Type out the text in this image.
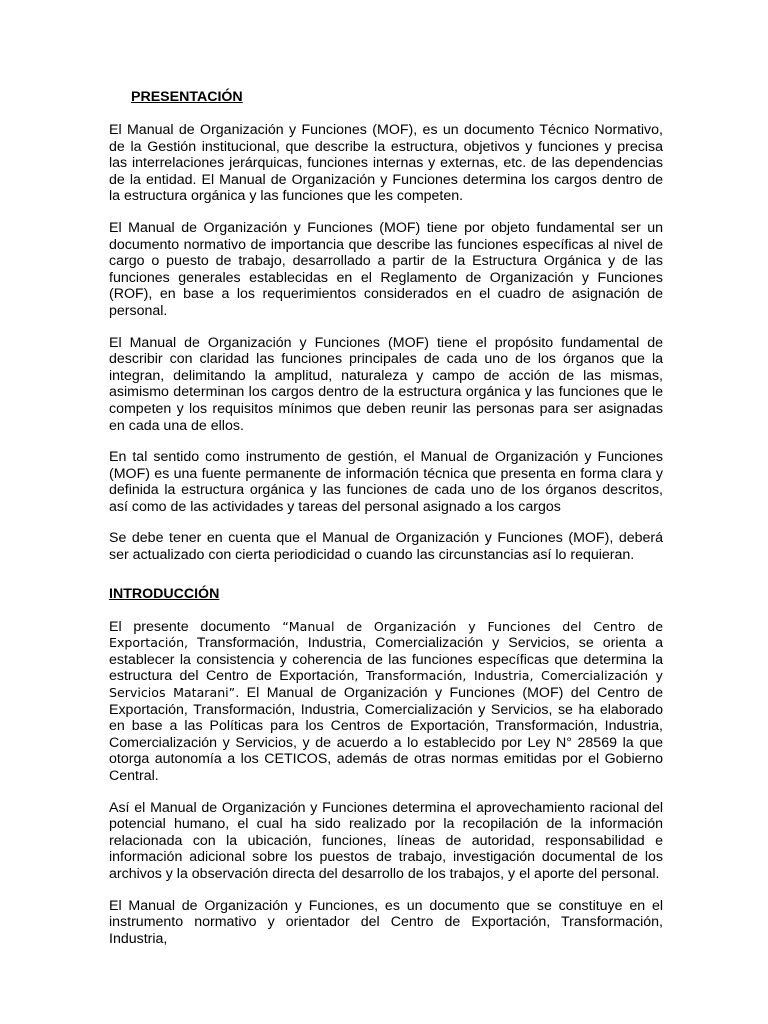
PRESENTACIÓN

El Manual de Organización y Funciones (MOF), es un documento Técnico Normativo, de la Gestión institucional, que describe la estructura, objetivos y funciones y precisa las interrelaciones jerárquicas, funciones internas y externas, etc. de las dependencias de la entidad. El Manual de Organización y Funciones determina los cargos dentro de la estructura orgánica y las funciones que les competen.

El Manual de Organización y Funciones (MOF) tiene por objeto fundamental ser un documento normativo de importancia que describe las funciones específicas al nivel de cargo o puesto de trabajo, desarrollado a partir de la Estructura Orgánica y de las funciones generales establecidas en el Reglamento de Organización y Funciones (ROF), en base a los requerimientos considerados en el cuadro de asignación de personal.

El Manual de Organización y Funciones (MOF) tiene el propósito fundamental de describir con claridad las funciones principales de cada uno de los órganos que la integran, delimitando la amplitud, naturaleza y campo de acción de las mismas, asimismo determinan los cargos dentro de la estructura orgánica y las funciones que le competen y los requisitos mínimos que deben reunir las personas para ser asignadas en cada una de ellos.

En tal sentido como instrumento de gestión, el Manual de Organización y Funciones (MOF) es una fuente permanente de información técnica que presenta en forma clara y definida la estructura orgánica y las funciones de cada uno de los órganos descritos, así como de las actividades y tareas del personal asignado a los cargos

Se debe tener en cuenta que el Manual de Organización y Funciones (MOF), deberá ser actualizado con cierta periodicidad o cuando las circunstancias así lo requieran.

INTRODUCCIÓN

El presente documento “Manual de Organización y Funciones del Centro de Exportación, Transformación, Industria, Comercialización y Servicios, se orienta a establecer la consistencia y coherencia de las funciones específicas que determina la estructura del Centro de Exportación, Transformación, Industria, Comercialización y Servicios Matarani”. El Manual de Organización y Funciones (MOF) del Centro de Exportación, Transformación, Industria, Comercialización y Servicios, se ha elaborado en base a las Políticas para los Centros de Exportación, Transformación, Industria, Comercialización y Servicios, y de acuerdo a lo establecido por Ley N° 28569 la que otorga autonomía a los CETICOS, además de otras normas emitidas por el Gobierno Central.

Así el Manual de Organización y Funciones determina el aprovechamiento racional del potencial humano, el cual ha sido realizado por la recopilación de la información relacionada con la ubicación, funciones, líneas de autoridad, responsabilidad e información adicional sobre los puestos de trabajo, investigación documental de los archivos y la observación directa del desarrollo de los trabajos, y el aporte del personal.

El Manual de Organización y Funciones, es un documento que se constituye en el instrumento normativo y orientador del Centro de Exportación, Transformación, Industria,
